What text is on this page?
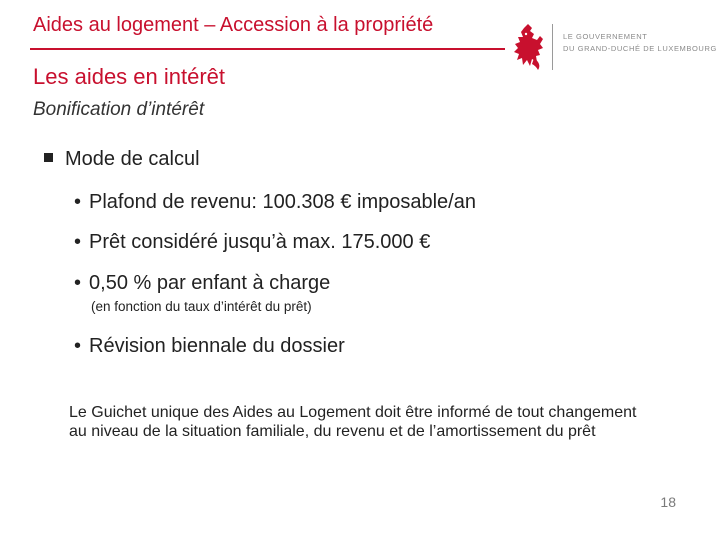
Aides au logement – Accession à la propriété
LE GOUVERNEMENT
DU GRAND-DUCHÉ DE LUXEMBOURG
Les aides en intérêt
Bonification d’intérêt
Mode de calcul
• Plafond de revenu: 100.308 € imposable/an
• Prêt considéré jusqu’à max. 175.000 €
• 0,50 % par enfant à charge
(en fonction du taux d’intérêt du prêt)
• Révision biennale du dossier
Le Guichet unique des Aides au Logement doit être informé de tout changement au niveau de la situation familiale, du revenu et de l’amortissement du prêt
18
